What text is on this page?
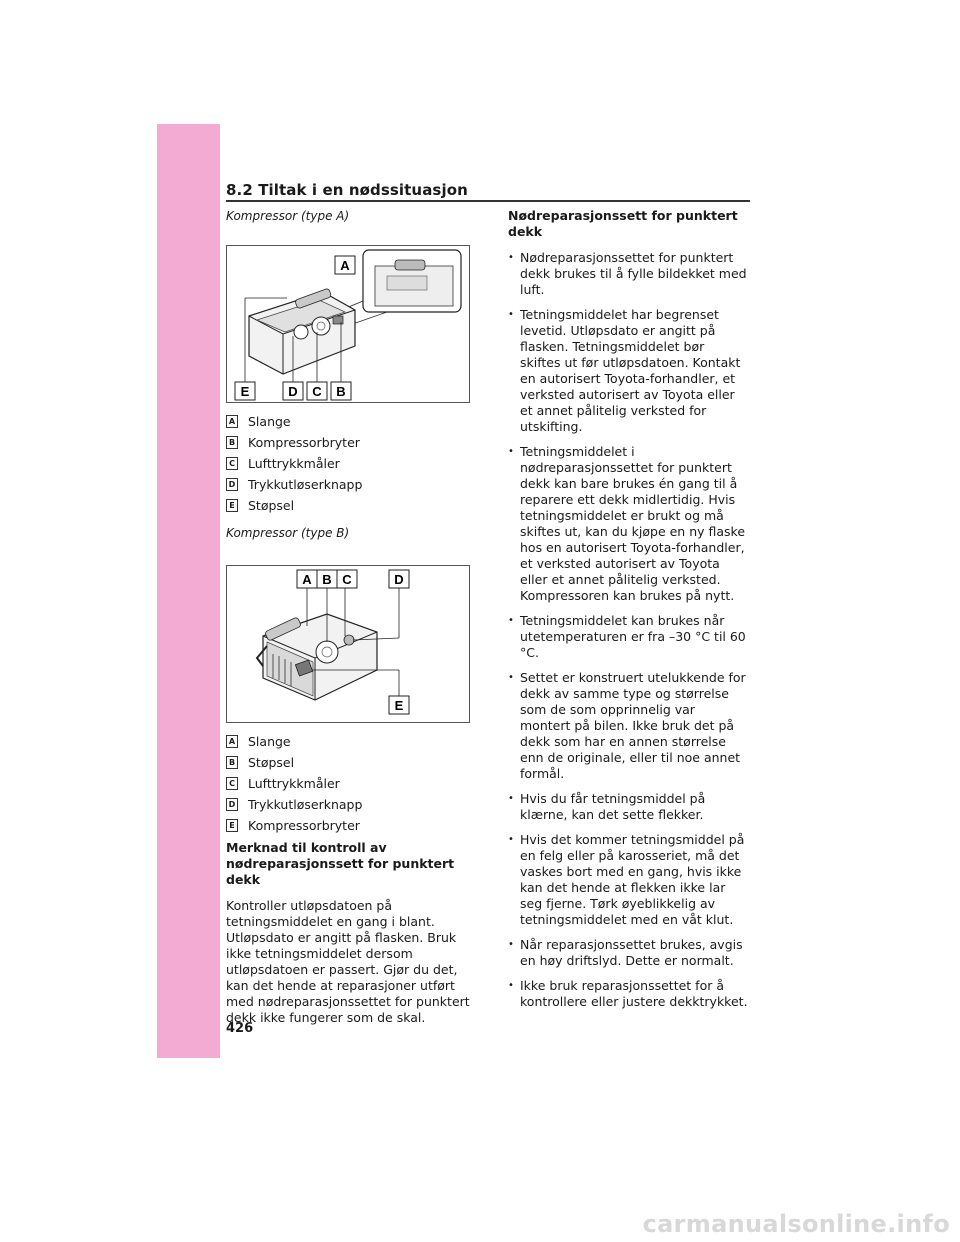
8.2 Tiltak i en nødssituasjon

Kompressor (type A)

A
E	D C B
A Slange
B Kompressorbryter
C Lufttrykkmåler
D Trykkutløserknapp
E Støpsel

Kompressor (type B)

A B C	D
E
A Slange
B Støpsel
C Lufttrykkmåler
D Trykkutløserknapp
E Kompressorbryter

Merknad til kontroll av nødreparasjonssett for punktert dekk

Kontroller utløpsdatoen på tetningsmiddelet en gang i blant. Utløpsdato er angitt på flasken. Bruk ikke tetningsmiddelet dersom utløpsdatoen er passert. Gjør du det, kan det hende at reparasjoner utført med nødreparasjonssettet for punktert dekk ikke fungerer som de skal.

Nødreparasjonssett for punktert dekk

• Nødreparasjonssettet for punktert dekk brukes til å fylle bildekket med luft.
• Tetningsmiddelet har begrenset levetid. Utløpsdato er angitt på flasken. Tetningsmiddelet bør skiftes ut før utløpsdatoen. Kontakt en autorisert Toyota-forhandler, et verksted autorisert av Toyota eller et annet pålitelig verksted for utskifting.
• Tetningsmiddelet i nødreparasjonssettet for punktert dekk kan bare brukes én gang til å reparere ett dekk midlertidig. Hvis tetningsmiddelet er brukt og må skiftes ut, kan du kjøpe en ny flaske hos en autorisert Toyota-forhandler, et verksted autorisert av Toyota eller et annet pålitelig verksted. Kompressoren kan brukes på nytt.
• Tetningsmiddelet kan brukes når utetemperaturen er fra –30 °C til 60 °C.
• Settet er konstruert utelukkende for dekk av samme type og størrelse som de som opprinnelig var montert på bilen. Ikke bruk det på dekk som har en annen størrelse enn de originale, eller til noe annet formål.
• Hvis du får tetningsmiddel på klærne, kan det sette flekker.
• Hvis det kommer tetningsmiddel på en felg eller på karosseriet, må det vaskes bort med en gang, hvis ikke kan det hende at flekken ikke lar seg fjerne. Tørk øyeblikkelig av tetningsmiddelet med en våt klut.
• Når reparasjonssettet brukes, avgis en høy driftslyd. Dette er normalt.
• Ikke bruk reparasjonssettet for å kontrollere eller justere dekktrykket.
426
carmanualsonline.info
